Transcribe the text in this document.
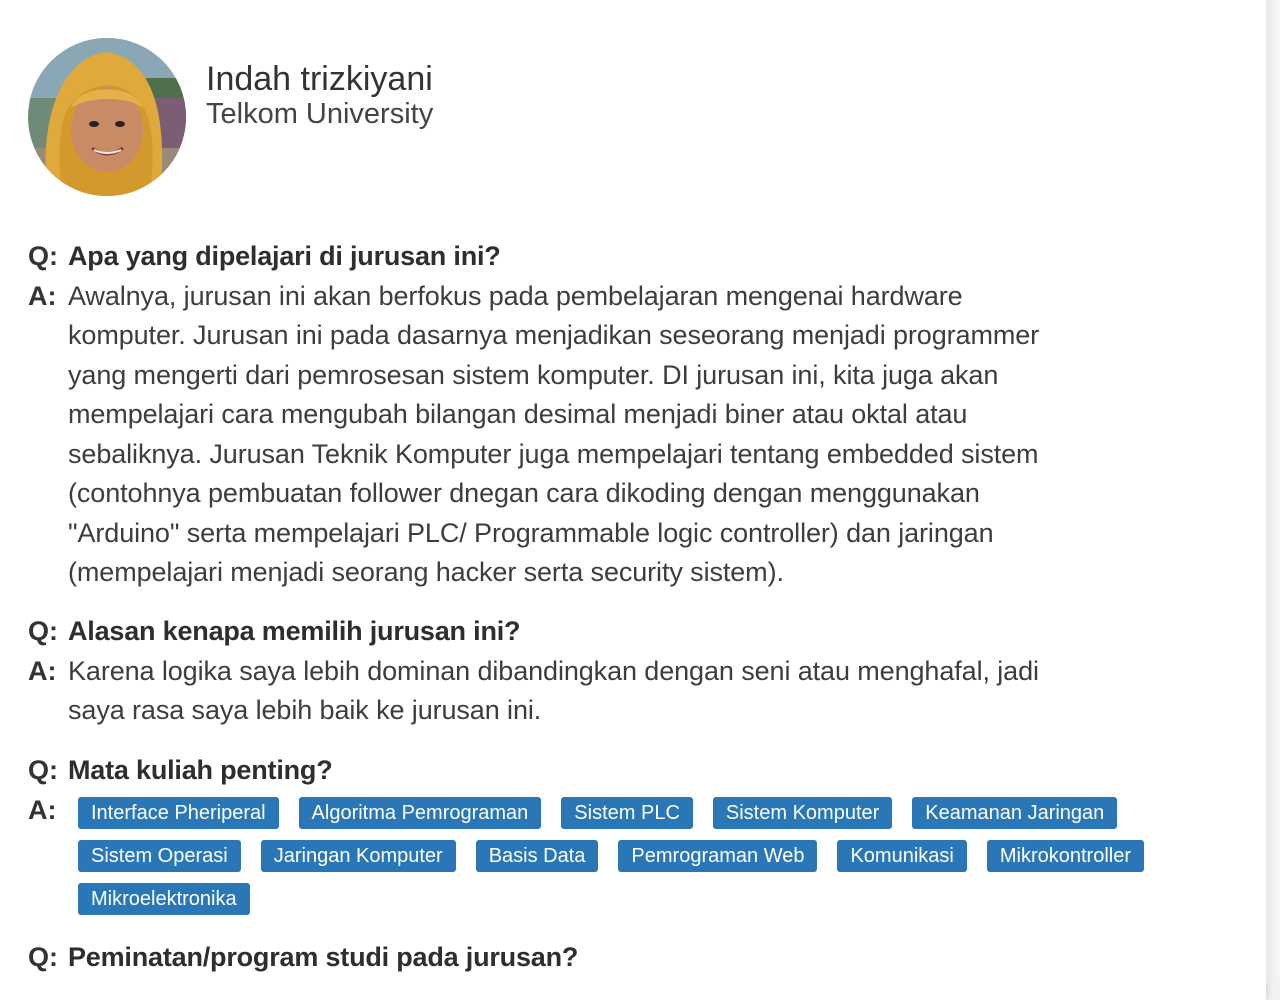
Indah trizkiyani
Telkom University
Q: Apa yang dipelajari di jurusan ini?
A: Awalnya, jurusan ini akan berfokus pada pembelajaran mengenai hardware
komputer. Jurusan ini pada dasarnya menjadikan seseorang menjadi programmer
yang mengerti dari pemrosesan sistem komputer. DI jurusan ini, kita juga akan
mempelajari cara mengubah bilangan desimal menjadi biner atau oktal atau
sebaliknya. Jurusan Teknik Komputer juga mempelajari tentang embedded sistem
(contohnya pembuatan follower dnegan cara dikoding dengan menggunakan
"Arduino" serta mempelajari PLC/ Programmable logic controller) dan jaringan
(mempelajari menjadi seorang hacker serta security sistem).
Q: Alasan kenapa memilih jurusan ini?
A: Karena logika saya lebih dominan dibandingkan dengan seni atau menghafal, jadi
saya rasa saya lebih baik ke jurusan ini.
Q: Mata kuliah penting?
A:	Interface Pheriperal	Algoritma Pemrograman	Sistem PLC	Sistem Komputer	Keamanan Jaringan
Sistem Operasi	Jaringan Komputer	Basis Data	Pemrograman Web	Komunikasi	Mikrokontroller
Mikroelektronika
Q: Peminatan/program studi pada jurusan?
